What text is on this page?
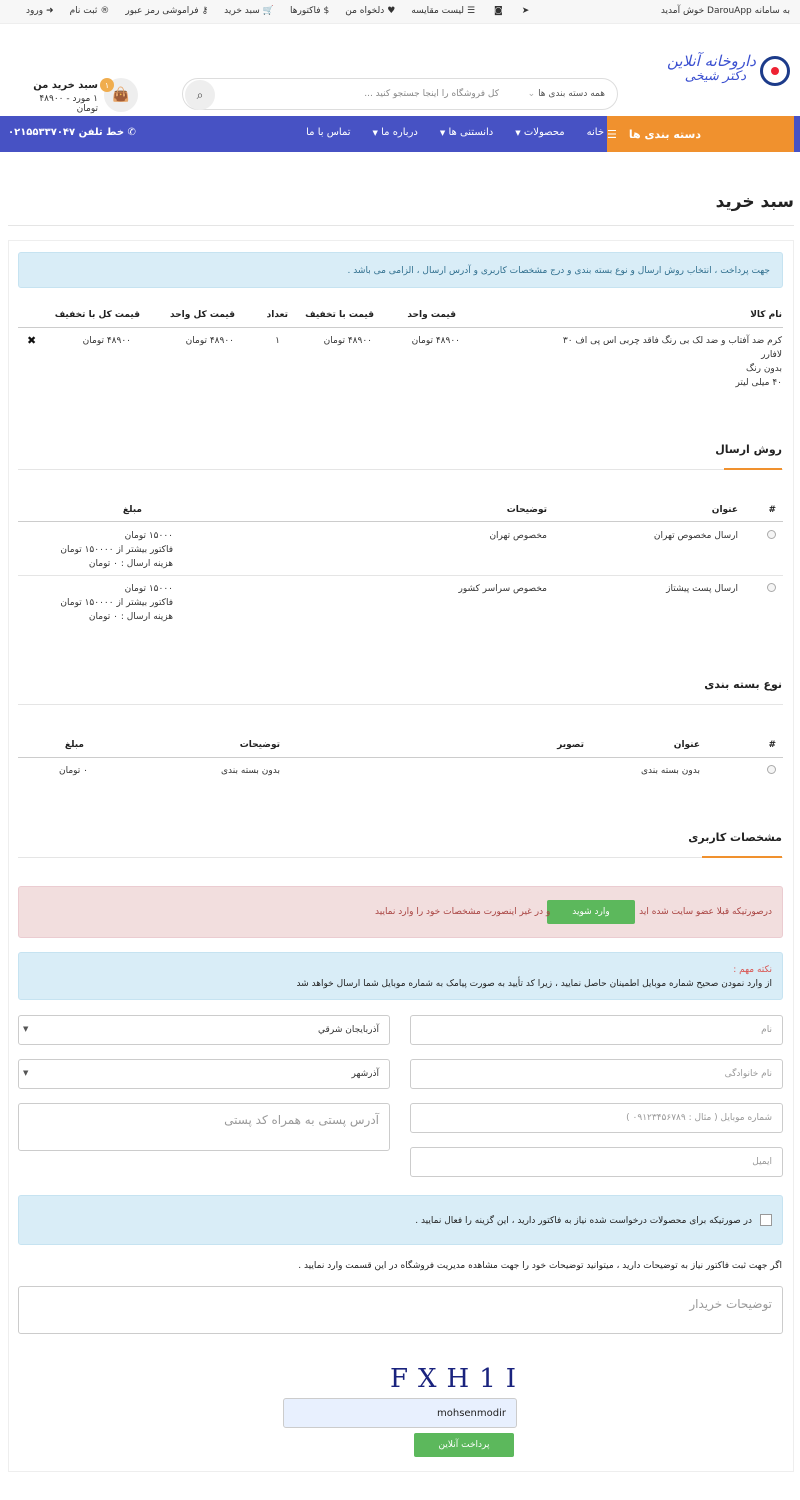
به سامانه DarouApp خوش آمدید
➤
◙
☰
لیست مقایسه
♥
دلخواه من
$
فاکتورها
🛒
سبد خرید
⚷
فراموشی رمز عبور
®
ثبت نام
➜
ورود
داروخانه آنلاین
دکتر شیخی
همه دسته بندی ها ⌄
کل فروشگاه را اینجا جستجو کنید ...
⌕
👜
۱
سبد خرید من
۱ مورد - ۴۸۹۰۰ تومان
دسته بندی ها
☰
خانه
محصولات ▼
دانستنی ها ▼
درباره ما ▼
تماس با ما
✆ خط تلفن ۰۲۱۵۵۳۳۷۰۴۷
سبد خرید
جهت پرداخت ، انتخاب روش ارسال و نوع بسته بندی و درج مشخصات کاربری و آدرس ارسال ، الزامی می باشد .
نام کالا
قیمت واحد
قیمت با تخفیف
تعداد
قیمت کل واحد
قیمت کل با تخفیف
کرم ضد آفتاب و ضد لک بی رنگ فاقد چربی اس پی اف ۳۰
لافارر
بدون رنگ
۴۰ میلی لیتر
۴۸۹۰۰ تومان
۴۸۹۰۰ تومان
۱
۴۸۹۰۰ تومان
۴۸۹۰۰ تومان
✖
روش ارسال
#
عنوان
توضیحات
مبلغ
ارسال مخصوص تهران
مخصوص تهران
۱۵۰۰۰ تومان
فاکتور بیشتر از ۱۵۰۰۰۰ تومان
هزینه ارسال : ۰ تومان
ارسال پست پیشتاز
مخصوص سراسر کشور
۱۵۰۰۰ تومان
فاکتور بیشتر از ۱۵۰۰۰۰ تومان
هزینه ارسال : ۰ تومان
نوع بسته بندی
#
عنوان
تصویر
توضیحات
مبلغ
بدون بسته بندی
بدون بسته بندی
۰ تومان
مشخصات کاربری
درصورتیکه قبلا عضو سایت شده اید
وارد شوید
و در غیر اینصورت مشخصات خود را وارد نمایید
نکته مهم :
از وارد نمودن صحیح شماره موبایل اطمینان حاصل نمایید ، زیرا کد تأیید به صورت پیامک به شماره موبایل شما ارسال خواهد شد
نام
آذربایجان شرقي
▼
نام خانوادگی
آذرشهر
▼
شماره موبایل ( مثال : ۰۹۱۲۳۴۵۶۷۸۹ )
آدرس پستی به همراه کد پستی
ایمیل
در صورتیکه برای محصولات درخواست شده نیاز به فاکتور دارید ، این گزینه را فعال نمایید .
اگر جهت ثبت فاکتور نیاز به توضیحات دارید ، میتوانید توضیحات خود را جهت مشاهده مدیریت فروشگاه در این قسمت وارد نمایید .
توضیحات خریدار
FXH1I
mohsenmodir
پرداخت آنلاین
